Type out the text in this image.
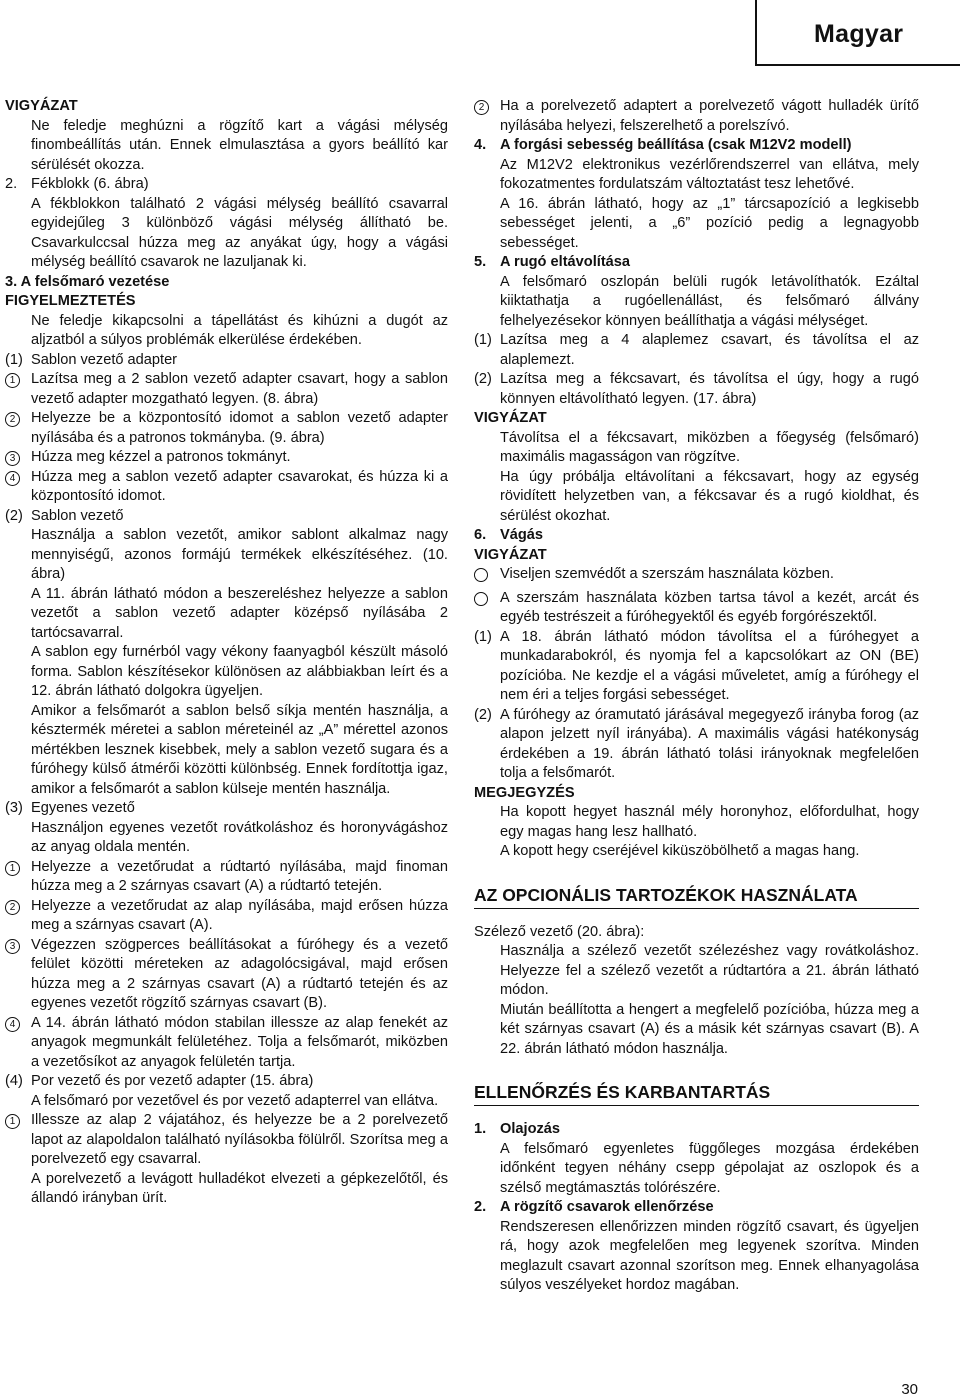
Magyar

VIGYÁZAT

Ne feledje meghúzni a rögzítő kart a vágási mélység finombeállítás után. Ennek elmulasztása a gyors beállító kar sérülését okozza.

2. Fékblokk (6. ábra)

A fékblokkon található 2 vágási mélység beállító csavarral egyidejűleg 3 különböző vágási mélység állítható be. Csavarkulccsal húzza meg az anyákat úgy, hogy a vágási mélység beállító csavarok ne lazuljanak ki.

3. A felsőmaró vezetése

FIGYELMEZTETÉS

Ne feledje kikapcsolni a tápellátást és kihúzni a dugót az aljzatból a súlyos problémák elkerülése érdekében.

(1) Sablon vezető adapter
1	Lazítsa meg a 2 sablon vezető adapter csavart, hogy a sablon vezető adapter mozgatható legyen. (8. ábra)
2	Helyezze be a központosító idomot a sablon vezető adapter nyílásába és a patronos tokmányba. (9. ábra)
3	Húzza meg kézzel a patronos tokmányt.
4	Húzza meg a sablon vezető adapter csavarokat, és húzza ki a központosító idomot.
(2) Sablon vezető

Használja a sablon vezetőt, amikor sablont alkalmaz nagy mennyiségű, azonos formájú termékek elkészítéséhez. (10. ábra)

A 11. ábrán látható módon a beszereléshez helyezze a sablon vezetőt a sablon vezető adapter középső nyílásába 2 tartócsavarral.

A sablon egy furnérból vagy vékony faanyagból készült másoló forma. Sablon készítésekor különösen az alábbiakban leírt és a 12. ábrán látható dolgokra ügyeljen.

Amikor a felsőmarót a sablon belső síkja mentén használja, a késztermék méretei a sablon méreteinél az „A” mérettel azonos mértékben lesznek kisebbek, mely a sablon vezető sugara és a fúróhegy külső átmérői közötti különbség. Ennek fordítottja igaz, amikor a felsőmarót a sablon külseje mentén használja.

(3) Egyenes vezető

Használjon egyenes vezetőt rovátkoláshoz és horonyvágáshoz az anyag oldala mentén.

1	Helyezze a vezetőrudat a rúdtartó nyílásába, majd finoman húzza meg a 2 szárnyas csavart (A) a rúdtartó tetején.
2	Helyezze a vezetőrudat az alap nyílásába, majd erősen húzza meg a szárnyas csavart (A).
3	Végezzen szögperces beállításokat a fúróhegy és a vezető felület közötti méreteken az adagolócsigával, majd erősen húzza meg a 2 szárnyas csavart (A) a rúdtartó tetején és az egyenes vezetőt rögzítő szárnyas csavart (B).
4	A 14. ábrán látható módon stabilan illessze az alap fenekét az anyagok megmunkált felületéhez. Tolja a felsőmarót, miközben a vezetősíkot az anyagok felületén tartja.
(4) Por vezető és por vezető adapter (15. ábra)

A felsőmaró por vezetővel és por vezető adapterrel van ellátva.

1	Illessze az alap 2 vájatához, és helyezze be a 2 porelvezető lapot az alapoldalon található nyílásokba fölülről. Szorítsa meg a porelvezető egy csavarral.

A porelvezető a levágott hulladékot elvezeti a gépkezelőtől, és állandó irányban ürít.

2	Ha a porelvezető adaptert a porelvezető vágott hulladék ürítő nyílásába helyezi, felszerelhető a porelszívó.
4. A forgási sebesség beállítása (csak M12V2 modell)

Az M12V2 elektronikus vezérlőrendszerrel van ellátva, mely fokozatmentes fordulatszám változtatást tesz lehetővé.

A 16. ábrán látható, hogy az „1” tárcsapozíció a legkisebb sebességet jelenti, a „6” pozíció pedig a legnagyobb sebességet.

5. A rugó eltávolítása

A felsőmaró oszlopán belüli rugók letávolíthatók. Ezáltal kiiktathatja a rugóellenállást, és felsőmaró állvány felhelyezésekor könnyen beállíthatja a vágási mélységet.

(1) Lazítsa meg a 4 alaplemez csavart, és távolítsa el az alaplemezt.
(2) Lazítsa meg a fékcsavart, és távolítsa el úgy, hogy a rugó könnyen eltávolítható legyen. (17. ábra)

VIGYÁZAT

Távolítsa el a fékcsavart, miközben a főegység (felsőmaró) maximális magasságon van rögzítve.

Ha úgy próbálja eltávolítani a fékcsavart, hogy az egység rövidített helyzetben van, a fékcsavar és a rugó kioldhat, és sérülést okozhat.

6. Vágás

VIGYÁZAT

Viseljen szemvédőt a szerszám használata közben.
A szerszám használata közben tartsa távol a kezét, arcát és egyéb testrészeit a fúróhegyektől és egyéb forgórészektől.
(1) A 18. ábrán látható módon távolítsa el a fúróhegyet a munkadarabokról, és nyomja fel a kapcsolókart az ON (BE) pozícióba. Ne kezdje el a vágási műveletet, amíg a fúróhegy el nem éri a teljes forgási sebességet.
(2) A fúróhegy az óramutató járásával megegyező irányba forog (az alapon jelzett nyíl irányába). A maximális vágási hatékonyság érdekében a 19. ábrán látható tolási irányoknak megfelelően tolja a felsőmarót.

MEGJEGYZÉS

Ha kopott hegyet használ mély horonyhoz, előfordulhat, hogy egy magas hang lesz hallható.

A kopott hegy cseréjével kiküszöbölhető a magas hang.

AZ OPCIONÁLIS TARTOZÉKOK HASZNÁLATA

Szélező vezető (20. ábra):

Használja a szélező vezetőt szélezéshez vagy rovátkoláshoz. Helyezze fel a szélező vezetőt a rúdtartóra a 21. ábrán látható módon.

Miután beállította a hengert a megfelelő pozícióba, húzza meg a két szárnyas csavart (A) és a másik két szárnyas csavart (B). A 22. ábrán látható módon használja.

ELLENŐRZÉS ÉS KARBANTARTÁS

1. Olajozás

A felsőmaró egyenletes függőleges mozgása érdekében időnként tegyen néhány csepp gépolajat az oszlopok és a szélső megtámasztás tolórészére.

2. A rögzítő csavarok ellenőrzése

Rendszeresen ellenőrizzen minden rögzítő csavart, és ügyeljen rá, hogy azok megfelelően meg legyenek szorítva. Minden meglazult csavart azonnal szorítson meg. Ennek elhanyagolása súlyos veszélyeket hordoz magában.

30
